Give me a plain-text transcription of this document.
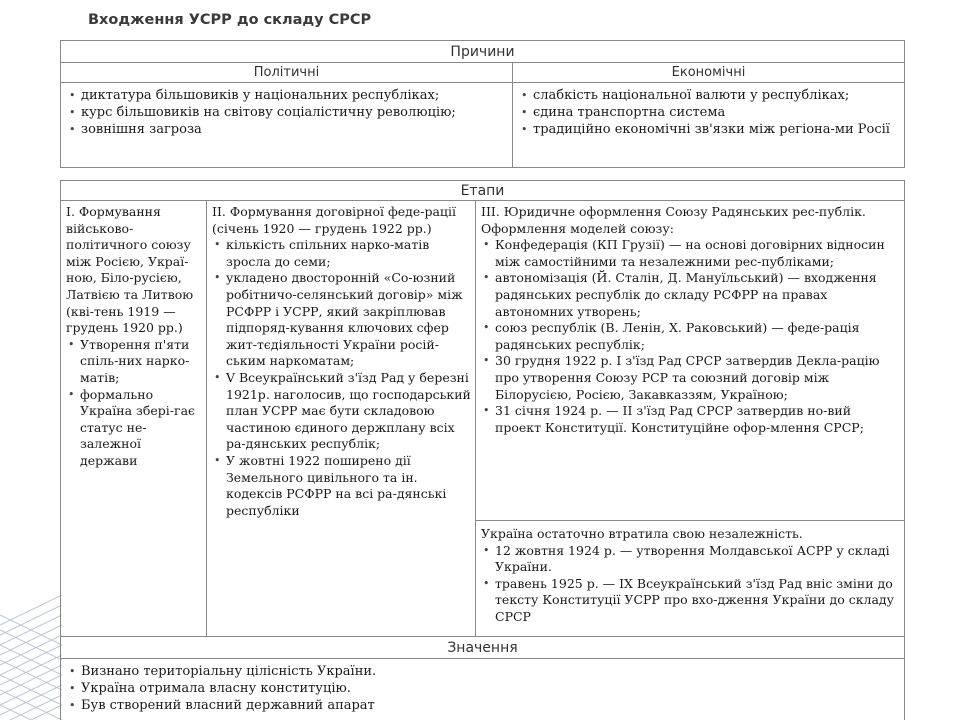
Входження УСРР до складу СРСР
Причини
Політичні	Економічні
• диктатура більшовиків у національних республіках;
• курс більшовиків на світову соціалістичну революцію;
• зовнішня загроза
• слабкість національної валюти у республіках;
• єдина транспортна система
• традиційно економічні зв'язки між регіона-ми Росії
Етапи
І. Формування військово-політичного союзу між Росією, Украї-ною, Біло-русією, Латвією та Литвою (кві-тень 1919 — грудень 1920 рр.)
• Утворення п'яти спіль-них нарко-матів;
• формально Україна збері-гає статус не-залежної держави
ІІ. Формування договірної феде-рації (січень 1920 — грудень 1922 рр.)
• кількість спільних нарко-матів зросла до семи;
• укладено двосторонній «Со-юзний робітничо-селянський договір» між РСФРР і УСРР, який закріплював підпоряд-кування ключових сфер жит-тєдіяльності України росій-ським наркоматам;
• V Всеукраїнський з'їзд Рад у березні 1921р. наголосив, що господарський план УСРР має бути складовою частиною єдиного держплану всіх ра-дянських республік;
• У жовтні 1922 поширено дії Земельного цивільного та ін. кодексів РСФРР на всі ра-дянські республіки
ІІІ. Юридичне оформлення Союзу Радянських рес-публік. Оформлення моделей союзу:
• Конфедерація (КП Грузії) — на основі договірних відносин між самостійними та незалежними рес-публіками;
• автономізація (Й. Сталін, Д. Мануїльський) — входження радянських республік до складу РСФРР на правах автономних утворень;
• союз республік (В. Ленін, Х. Раковський) — феде-рація радянських республік;
• 30 грудня 1922 р. І з'їзд Рад СРСР затвердив Декла-рацію про утворення Союзу РСР та союзний договір між Білорусією, Росією, Закавказзям, Україною;
• 31 січня 1924 р. — ІІ з'їзд Рад СРСР затвердив но-вий проект Конституції. Конституційне офор-млення СРСР;
Україна остаточно втратила свою незалежність.
• 12 жовтня 1924 р. — утворення Молдавської АСРР у складі України.
• травень 1925 р. — IX Всеукраїнський з'їзд Рад вніс зміни до тексту Конституції УСРР про вхо-дження України до складу СРСР
Значення
• Визнано територіальну цілісність України.
• Україна отримала власну конституцію.
• Був створений власний державний апарат
